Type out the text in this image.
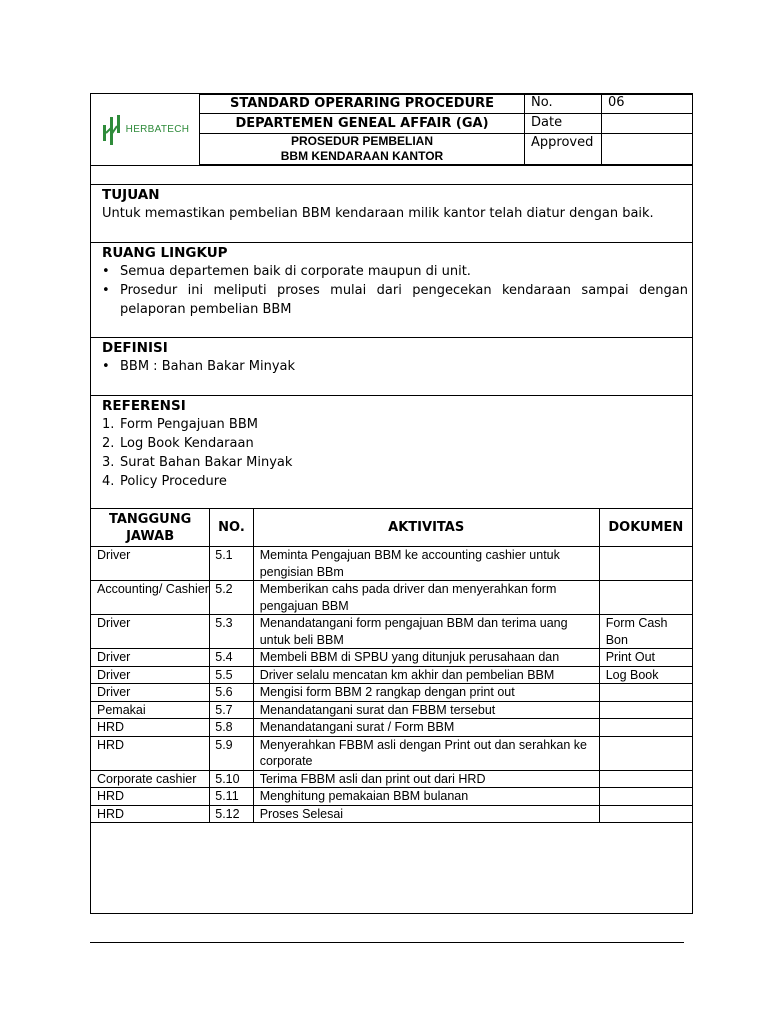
HERBATECH
STANDARD OPERARING PROCEDURE	No.	06
DEPARTEMEN GENEAL AFFAIR (GA)	Date
PROSEDUR PEMBELIAN
BBM KENDARAAN KANTOR
Approved
TUJUAN

Untuk memastikan pembelian BBM kendaraan milik kantor telah diatur dengan baik.

RUANG LINGKUP
• Semua departemen baik di corporate maupun di unit.
• Prosedur ini meliputi proses mulai dari pengecekan kendaraan sampai dengan pelaporan pembelian BBM
DEFINISI
• BBM : Bahan Bakar Minyak
REFERENSI
1. Form Pengajuan BBM
2. Log Book Kendaraan
3. Surat Bahan Bakar Minyak
4. Policy Procedure
TANGGUNG JAWAB	NO.	AKTIVITAS	DOKUMEN
Driver	5.1	Meminta Pengajuan BBM ke accounting cashier untuk pengisian BBm	
Accounting/ Cashier	5.2	Memberikan cahs pada driver dan menyerahkan form pengajuan BBM	
Driver	5.3	Menandatangani form pengajuan BBM dan terima uang untuk beli BBM	Form Cash Bon
Driver	5.4	Membeli BBM di SPBU yang ditunjuk perusahaan dan	Print Out
Driver	5.5	Driver selalu mencatan km akhir dan pembelian BBM	Log Book
Driver	5.6	Mengisi form BBM 2 rangkap dengan print out	
Pemakai	5.7	Menandatangani surat dan FBBM tersebut	
HRD	5.8	Menandatangani surat / Form BBM	
HRD	5.9	Menyerahkan FBBM asli dengan Print out dan serahkan ke corporate	
Corporate cashier	5.10	Terima FBBM asli dan print out dari HRD	
HRD	5.11	Menghitung pemakaian BBM bulanan	
HRD	5.12	Proses Selesai	
